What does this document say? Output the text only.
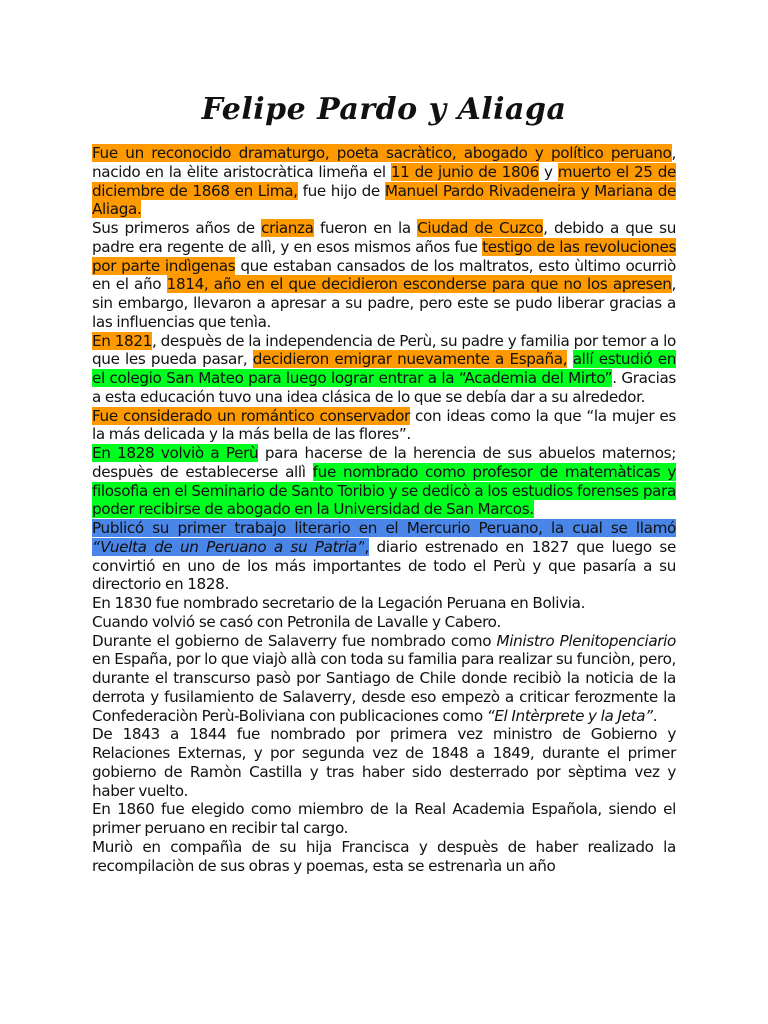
Felipe Pardo y Aliaga

Fue un reconocido dramaturgo, poeta sacràtico, abogado y político peruano, nacido en la èlite aristocràtica limeña el 11 de junio de 1806 y muerto el 25 de diciembre de 1868 en Lima, fue hijo de Manuel Pardo Rivadeneira y Mariana de Aliaga.

Sus primeros años de crianza fueron en la Ciudad de Cuzco, debido a que su padre era regente de allì, y en esos mismos años fue testigo de las revoluciones por parte indìgenas que estaban cansados de los maltratos, esto ùltimo ocurriò en el año 1814, año en el que decidieron esconderse para que no los apresen, sin embargo, llevaron a apresar a su padre, pero este se pudo liberar gracias a las influencias que tenìa.

En 1821, despuès de la independencia de Perù, su padre y familia por temor a lo que les pueda pasar, decidieron emigrar nuevamente a España, allí estudió en el colegio San Mateo para luego lograr entrar a la “Academia del Mirto”. Gracias a esta educación tuvo una idea clásica de lo que se debía dar a su alrededor.

Fue considerado un romántico conservador con ideas como la que “la mujer es la más delicada y la más bella de las flores”.

En 1828 volviò a Perù para hacerse de la herencia de sus abuelos maternos; despuès de establecerse allì fue nombrado como profesor de matemàticas y filosofìa en el Seminario de Santo Toribio y se dedicò a los estudios forenses para poder recibirse de abogado en la Universidad de San Marcos.

Publicó su primer trabajo literario en el Mercurio Peruano, la cual se llamó “Vuelta de un Peruano a su Patria”, diario estrenado en 1827 que luego se convirtió en uno de los más importantes de todo el Perù y que pasaría a su directorio en 1828.

En 1830 fue nombrado secretario de la Legación Peruana en Bolivia.

Cuando volvió se casó con Petronila de Lavalle y Cabero.

Durante el gobierno de Salaverry fue nombrado como Ministro Plenitopenciario en España, por lo que viajò allà con toda su familia para realizar su funciòn, pero, durante el transcurso pasò por Santiago de Chile donde recibiò la noticia de la derrota y fusilamiento de Salaverry, desde eso empezò a criticar ferozmente la Confederaciòn Perù-Boliviana con publicaciones como “El Intèrprete y la Jeta”.

De 1843 a 1844 fue nombrado por primera vez ministro de Gobierno y Relaciones Externas, y por segunda vez de 1848 a 1849, durante el primer gobierno de Ramòn Castilla y tras haber sido desterrado por sèptima vez y haber vuelto.

En 1860 fue elegido como miembro de la Real Academia Española, siendo el primer peruano en recibir tal cargo.

Muriò en compañìa de su hija Francisca y despuès de haber realizado la recompilaciòn de sus obras y poemas, esta se estrenarìa un año
